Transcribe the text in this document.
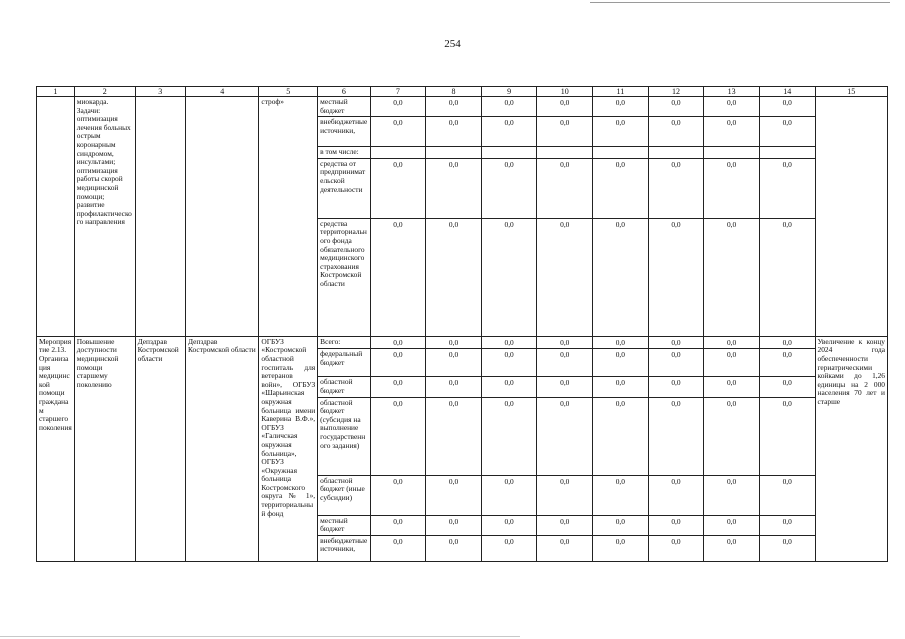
254
1	2	3	4	5	6	7	8	9	10	11	12	13	14	15
	миокарда. Задачи: оптимизация лечения больных острым коронарным синдромом, инсультами; оптимизация работы скорой медицинской помощи; развитие профилактического направления			строф»	местный бюджет	0,0	0,0	0,0	0,0	0,0	0,0	0,0	0,0	
					внебюджетные источники,	0,0	0,0	0,0	0,0	0,0	0,0	0,0	0,0	
					в том числе:									
					средства от предпринимательской деятельности	0,0	0,0	0,0	0,0	0,0	0,0	0,0	0,0	
					средства территориального фонда обязательного медицинского страхования Костромской области	0,0	0,0	0,0	0,0	0,0	0,0	0,0	0,0	
Мероприятие 2.13. Организация медицинской помощи гражданам старшего поколения	Повышение доступности медицинской помощи старшему поколению	Депздрав Костромской области	Депздрав Костромской области	ОГБУЗ «Костромской областной госпиталь для ветеранов войн», ОГБУЗ «Шарьинская окружная больница имени Каверина В.Ф.», ОГБУЗ «Галичская окружная больница», ОГБУЗ «Окружная больница Костромского округа № 1», территориальный фонд	Всего:	0,0	0,0	0,0	0,0	0,0	0,0	0,0	0,0	Увеличение к концу 2024 года обеспеченности гериатрическими койками до 1,26 единицы на 2 000 населения 70 лет и старше
					федеральный бюджет	0,0	0,0	0,0	0,0	0,0	0,0	0,0	0,0	
					областной бюджет	0,0	0,0	0,0	0,0	0,0	0,0	0,0	0,0	
					областной бюджет (субсидия на выполнение государственного задания)	0,0	0,0	0,0	0,0	0,0	0,0	0,0	0,0	
					областной бюджет (иные субсидии)	0,0	0,0	0,0	0,0	0,0	0,0	0,0	0,0	
					местный бюджет	0,0	0,0	0,0	0,0	0,0	0,0	0,0	0,0	
					внебюджетные источники,	0,0	0,0	0,0	0,0	0,0	0,0	0,0	0,0	
